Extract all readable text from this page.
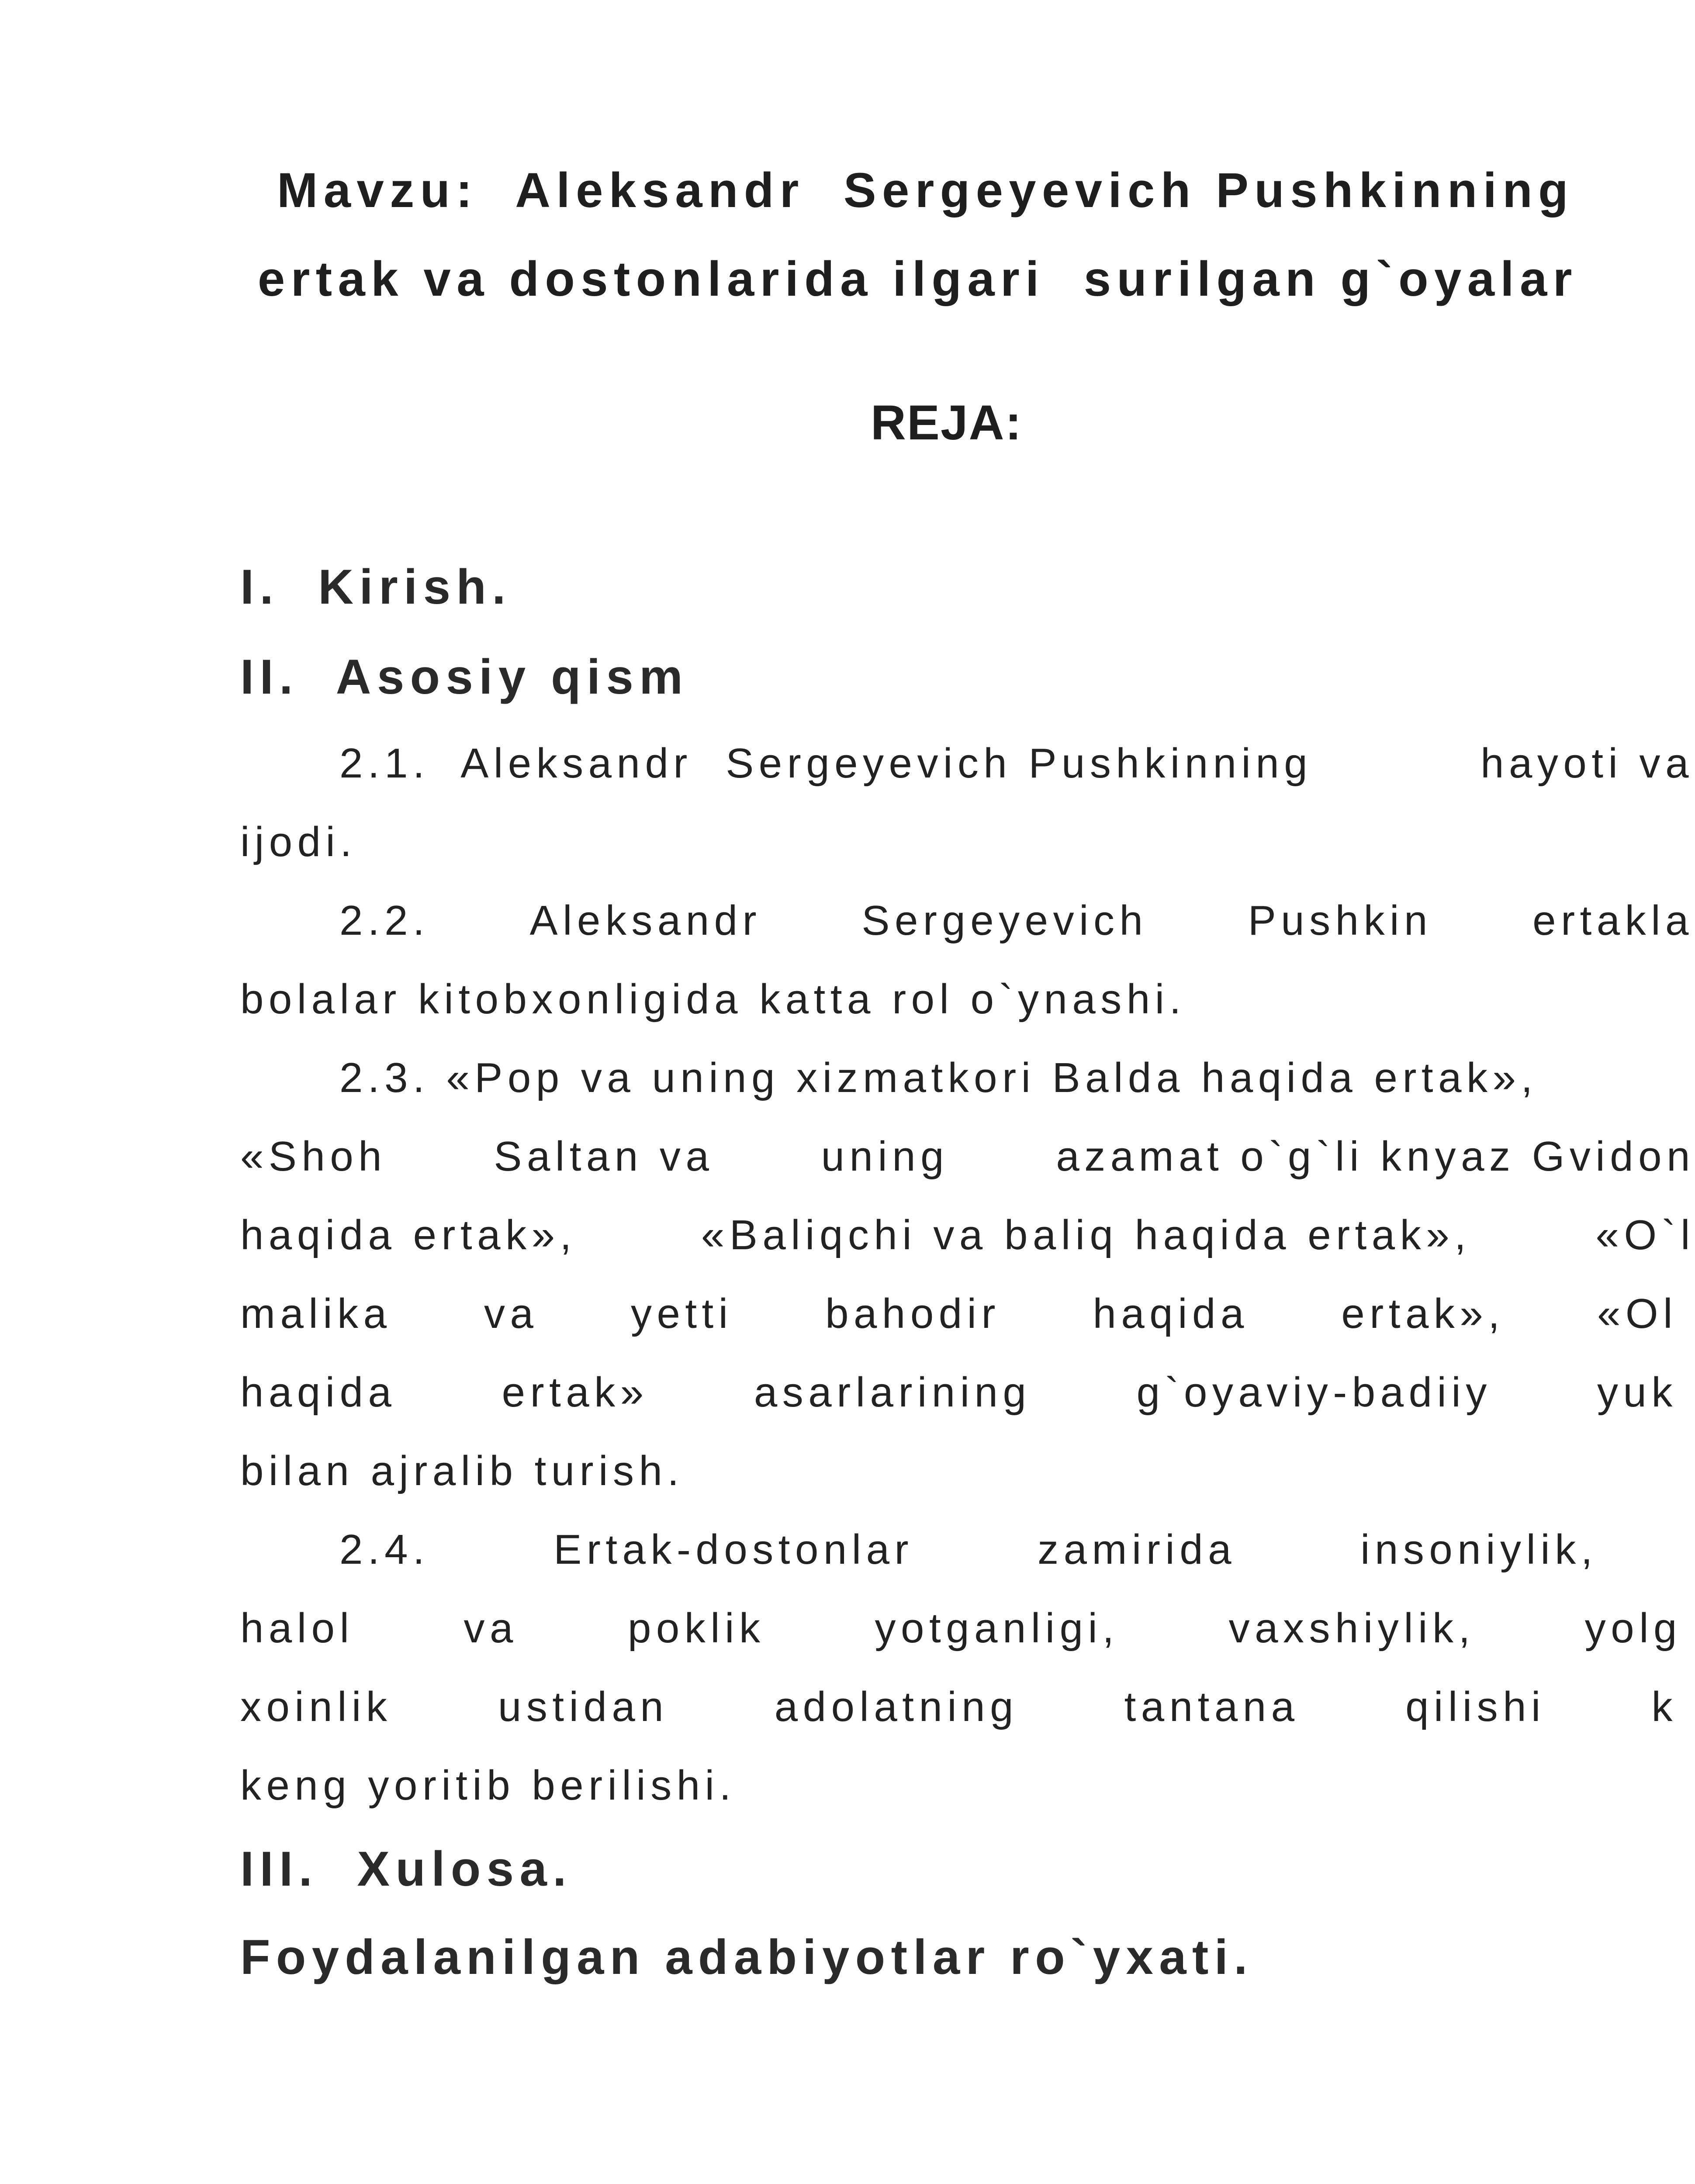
Mavzu:  Aleksandr  Sergeyevich Pushkinning
ertak va dostonlarida ilgari  surilgan g`oyalar
REJA:
I.  Kirish.
II.  Asosiy qism
2.1.  Aleksandr  Sergeyevich Pushkinning	hayoti va
ijodi.
2.2. Aleksandr Sergeyevich Pushkin ertakla
bolalar kitobxonligida katta rol o`ynashi.
2.3. «Pop va uning xizmatkori Balda haqida ertak»,
«Shoh	Saltan va	uning	azamat o`g`li knyaz Gvidon
haqida ertak»,	«Baliqchi va baliq haqida ertak»,	«O`l
malika va yetti bahodir haqida ertak», «Ol
haqida	ertak»	asarlarining	g`oyaviy-badiiy	yuk
bilan ajralib turish.
2.4.	Ertak-dostonlar	zamirida	insoniylik,
halol	va	poklik	yotganligi,	vaxshiylik,	yolg
xoinlik	ustidan	adolatning	tantana	qilishi	k
keng yoritib berilishi.
III.  Xulosa.
Foydalanilgan adabiyotlar ro`yxati.
